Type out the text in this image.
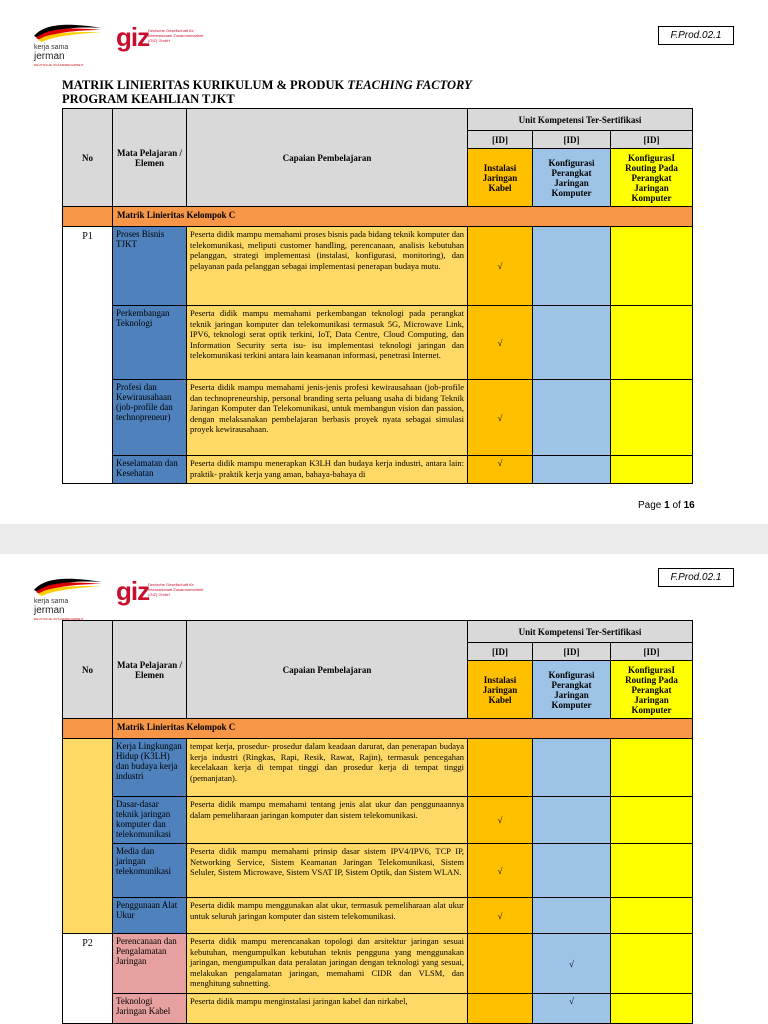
kerja sama
jerman
DEUTSCHE ZUSAMMENARBEIT
giz
Deutsche Gesellschaft für Internationale Zusammenarbeit (GIZ) GmbH	F.Prod.02.1
MATRIK LINIERITAS KURIKULUM & PRODUK TEACHING FACTORY
PROGRAM KEAHLIAN TJKT
No	Mata Pelajaran / Elemen	Capaian Pembelajaran	Unit Kompetensi Ter-Sertifikasi		
			[ID]	[ID]	[ID]
			Instalasi Jaringan Kabel	Konfigurasi Perangkat Jaringan Komputer	KonfigurasI Routing Pada Perangkat Jaringan Komputer
	Matrik Linieritas Kelompok C				
P1	Proses Bisnis TJKT	Peserta didik mampu memahami proses bisnis pada bidang teknik komputer dan telekomunikasi, meliputi customer handling, perencanaan, analisis kebutuhan pelanggan, strategi implementasi (instalasi, konfigurasi, monitoring), dan pelayanan pada pelanggan sebagai implementasi penerapan budaya mutu.	√		
	Perkembangan Teknologi	Peserta didik mampu memahami perkembangan teknologi pada perangkat teknik jaringan komputer dan telekomunikasi termasuk 5G, Microwave Link, IPV6, teknologi serat optik terkini, IoT, Data Centre, Cloud Computing, dan Information Security serta isu- isu implementasi teknologi jaringan dan telekomunikasi terkini antara lain keamanan informasi, penetrasi Internet.	√		
	Profesi dan Kewirausahaan (job-profile dan technopreneur)	Peserta didik mampu memahami jenis-jenis profesi kewirausahaan (job-profile dan technopreneurship, personal branding serta peluang usaha di bidang Teknik Jaringan Komputer dan Telekomunikasi, untuk membangun vision dan passion, dengan melaksanakan pembelajaran berbasis proyek nyata sebagai simulasi proyek kewirausahaan.	√		
	Keselamatan dan Kesehatan	Peserta didik mampu menerapkan K3LH dan budaya kerja industri, antara lain: praktik- praktik kerja yang aman, bahaya-bahaya di	√		
Page 1 of 16
kerja sama
jerman
DEUTSCHE ZUSAMMENARBEIT
giz
Deutsche Gesellschaft für Internationale Zusammenarbeit (GIZ) GmbH
F.Prod.02.1
No	Mata Pelajaran / Elemen	Capaian Pembelajaran	Unit Kompetensi Ter-Sertifikasi		
			[ID]	[ID]	[ID]
			Instalasi Jaringan Kabel	Konfigurasi Perangkat Jaringan Komputer	KonfigurasI Routing Pada Perangkat Jaringan Komputer
	Matrik Linieritas Kelompok C				
	Kerja Lingkungan Hidup (K3LH) dan budaya kerja industri	tempat kerja, prosedur- prosedur dalam keadaan darurat, dan penerapan budaya kerja industri (Ringkas, Rapi, Resik, Rawat, Rajin), termasuk pencegahan kecelakaan kerja di tempat tinggi dan prosedur kerja di tempat tinggi (pemanjatan).			
	Dasar-dasar teknik jaringan komputer dan telekomunikasi	Peserta didik mampu memahami tentang jenis alat ukur dan penggunaannya dalam pemeliharaan jaringan komputer dan sistem telekomunikasi.	√		
	Media dan jaringan telekomunikasi	Peserta didik mampu memahami prinsip dasar sistem IPV4/IPV6, TCP IP, Networking Service, Sistem Keamanan Jaringan Telekomunikasi, Sistem Seluler, Sistem Microwave, Sistem VSAT IP, Sistem Optik, dan Sistem WLAN.	√		
	Penggunaan Alat Ukur	Peserta didik mampu menggunakan alat ukur, termasuk pemeliharaan alat ukur untuk seluruh jaringan komputer dan sistem telekomunikasi.	√		
P2	Perencanaan dan Pengalamatan Jaringan	Peserta didik mampu merencanakan topologi dan arsitektur jaringan sesuai kebutuhan, mengumpulkan kebutuhan teknis pengguna yang menggunakan jaringan, mengumpulkan data peralatan jaringan dengan teknologi yang sesuai, melakukan pengalamatan jaringan, memahami CIDR dan VLSM, dan menghitung subnetting.		√	
	Teknologi Jaringan Kabel	Peserta didik mampu menginstalasi jaringan kabel dan nirkabel,		√	
